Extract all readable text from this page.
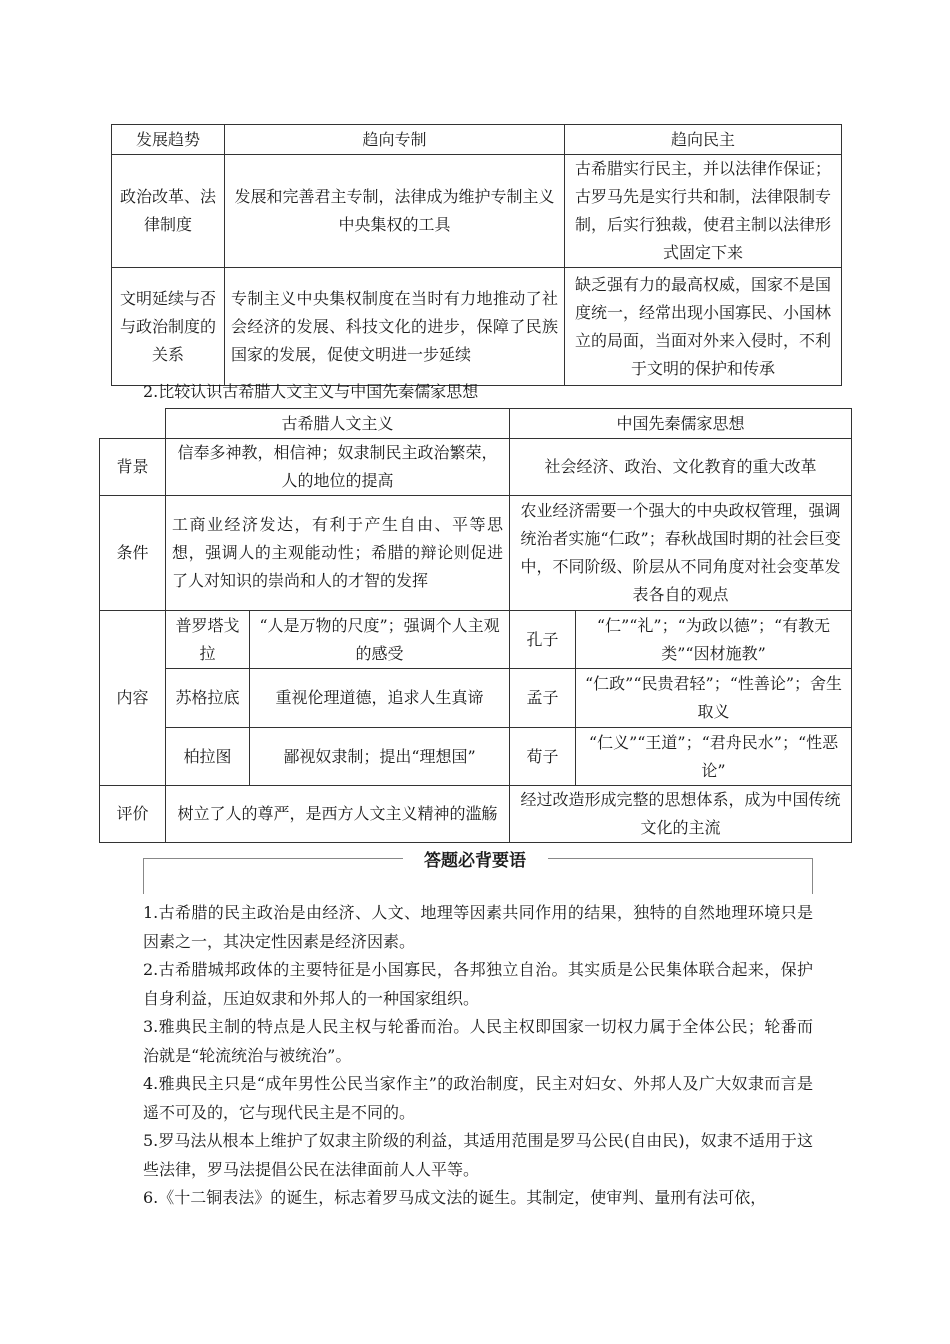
发展趋势	趋向专制	趋向民主
政治改革、法律制度	发展和完善君主专制，法律成为维护专制主义中央集权的工具	古希腊实行民主，并以法律作保证；古罗马先是实行共和制，法律限制专制，后实行独裁，使君主制以法律形式固定下来
文明延续与否与政治制度的关系	专制主义中央集权制度在当时有力地推动了社会经济的发展、科技文化的进步，保障了民族国家的发展，促使文明进一步延续	缺乏强有力的最高权威，国家不是国度统一，经常出现小国寡民、小国林立的局面，当面对外来入侵时，不利于文明的保护和传承
2.比较认识古希腊人文主义与中国先秦儒家思想
	古希腊人文主义		中国先秦儒家思想	
背景	信奉多神教，相信神；奴隶制民主政治繁荣，人的地位的提高		社会经济、政治、文化教育的重大改革	
条件	工商业经济发达，有利于产生自由、平等思想，强调人的主观能动性；希腊的辩论则促进了人对知识的崇尚和人的才智的发挥		农业经济需要一个强大的中央政权管理，强调统治者实施“仁政”；春秋战国时期的社会巨变中，不同阶级、阶层从不同角度对社会变革发表各自的观点	
内容	普罗塔戈拉	“人是万物的尺度”；强调个人主观的感受	孔子	“仁”“礼”；“为政以德”；“有教无类”“因材施教”
	苏格拉底	重视伦理道德，追求人生真谛	孟子	“仁政”“民贵君轻”；“性善论”；舍生取义
	柏拉图	鄙视奴隶制；提出“理想国”	荀子	“仁义”“王道”；“君舟民水”；“性恶论”
评价	树立了人的尊严，是西方人文主义精神的滥觞		经过改造形成完整的思想体系，成为中国传统文化的主流	
答题必背要语

1.古希腊的民主政治是由经济、人文、地理等因素共同作用的结果，独特的自然地理环境只是因素之一，其决定性因素是经济因素。

2.古希腊城邦政体的主要特征是小国寡民，各邦独立自治。其实质是公民集体联合起来，保护自身利益，压迫奴隶和外邦人的一种国家组织。

3.雅典民主制的特点是人民主权与轮番而治。人民主权即国家一切权力属于全体公民；轮番而治就是“轮流统治与被统治”。

4.雅典民主只是“成年男性公民当家作主”的政治制度，民主对妇女、外邦人及广大奴隶而言是遥不可及的，它与现代民主是不同的。

5.罗马法从根本上维护了奴隶主阶级的利益，其适用范围是罗马公民(自由民)，奴隶不适用于这些法律，罗马法提倡公民在法律面前人人平等。

6.《十二铜表法》的诞生，标志着罗马成文法的诞生。其制定，使审判、量刑有法可依，
